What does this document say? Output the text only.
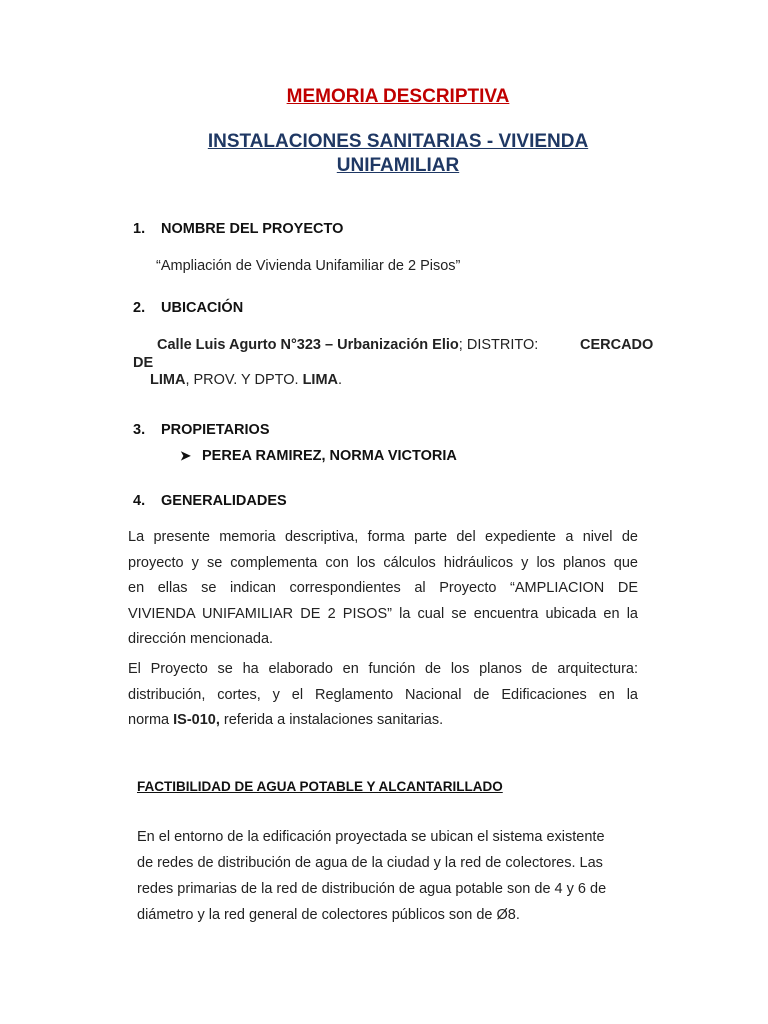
MEMORIA DESCRIPTIVA
INSTALACIONES SANITARIAS - VIVIENDA
UNIFAMILIAR
1. NOMBRE DEL PROYECTO
“Ampliación de Vivienda Unifamiliar de 2 Pisos”
2. UBICACIÓN
Calle Luis Agurto N°323 – Urbanización Elio; DISTRITO:	CERCADO
DE
LIMA, PROV. Y DPTO. LIMA.
3. PROPIETARIOS
➤ PEREA RAMIREZ, NORMA VICTORIA
4. GENERALIDADES
La presente memoria descriptiva, forma parte del expediente a nivel de
proyecto y se complementa con los cálculos hidráulicos y los planos que
en ellas se indican correspondientes al Proyecto “AMPLIACION DE
VIVIENDA UNIFAMILIAR DE 2 PISOS” la cual se encuentra ubicada en la
dirección mencionada.
El Proyecto se ha elaborado en función de los planos de arquitectura:
distribución, cortes, y el Reglamento Nacional de Edificaciones en la
norma IS-010, referida a instalaciones sanitarias.
FACTIBILIDAD DE AGUA POTABLE Y ALCANTARILLADO
En el entorno de la edificación proyectada se ubican el sistema existente
de redes de distribución de agua de la ciudad y la red de colectores. Las
redes primarias de la red de distribución de agua potable son de 4 y 6 de
diámetro y la red general de colectores públicos son de Ø8.
